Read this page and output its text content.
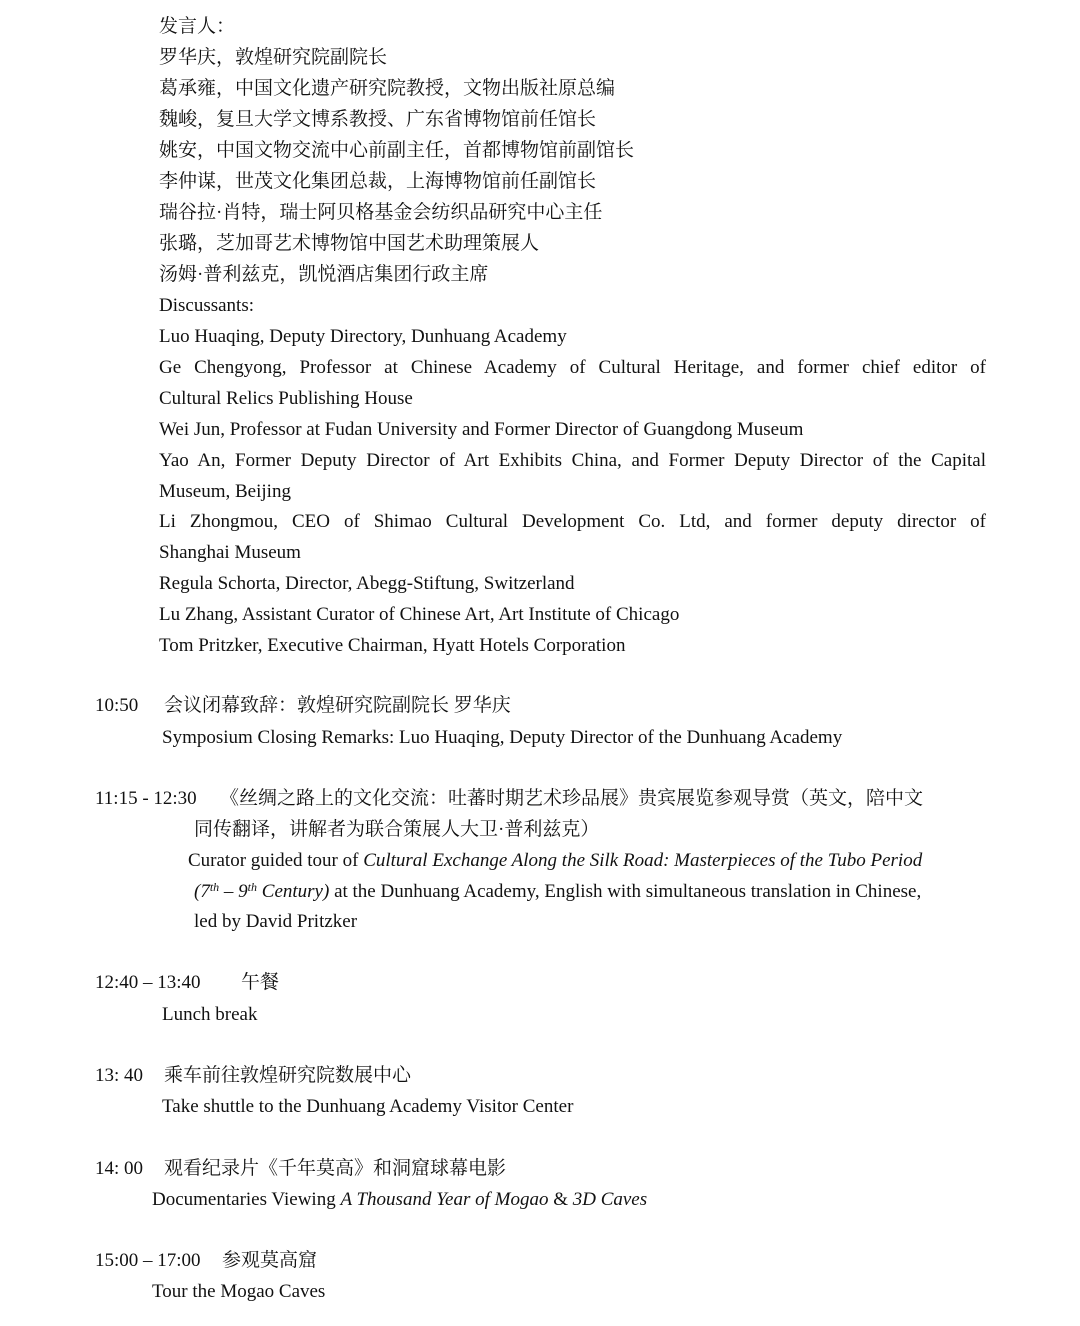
发言人：
罗华庆，敦煌研究院副院长
葛承雍，中国文化遗产研究院教授，文物出版社原总编
魏峻，复旦大学文博系教授、广东省博物馆前任馆长
姚安，中国文物交流中心前副主任，首都博物馆前副馆长
李仲谋，世茂文化集团总裁，上海博物馆前任副馆长
瑞谷拉·肖特，瑞士阿贝格基金会纺织品研究中心主任
张璐，芝加哥艺术博物馆中国艺术助理策展人
汤姆·普利兹克，凯悦酒店集团行政主席
Discussants:
Luo Huaqing, Deputy Directory, Dunhuang Academy
Ge Chengyong, Professor at Chinese Academy of Cultural Heritage, and former chief editor of
Cultural Relics Publishing House
Wei Jun, Professor at Fudan University and Former Director of Guangdong Museum
Yao An, Former Deputy Director of Art Exhibits China, and Former Deputy Director of the Capital
Museum, Beijing
Li Zhongmou, CEO of Shimao Cultural Development Co. Ltd, and former deputy director of
Shanghai Museum
Regula Schorta, Director, Abegg-Stiftung, Switzerland
Lu Zhang, Assistant Curator of Chinese Art, Art Institute of Chicago
Tom Pritzker, Executive Chairman, Hyatt Hotels Corporation
10:50 会议闭幕致辞：敦煌研究院副院长 罗华庆
Symposium Closing Remarks: Luo Huaqing, Deputy Director of the Dunhuang Academy
11:15 - 12:30 《丝绸之路上的文化交流：吐蕃时期艺术珍品展》贵宾展览参观导赏（英文，陪中文
同传翻译，讲解者为联合策展人大卫·普利兹克）
Curator guided tour of Cultural Exchange Along the Silk Road: Masterpieces of the Tubo Period
(7th – 9th Century) at the Dunhuang Academy, English with simultaneous translation in Chinese,
led by David Pritzker
12:40 – 13:40 午餐
Lunch break
13: 40 乘车前往敦煌研究院数展中心
Take shuttle to the Dunhuang Academy Visitor Center
14: 00 观看纪录片《千年莫高》和洞窟球幕电影
Documentaries Viewing A Thousand Year of Mogao & 3D Caves
15:00 – 17:00 参观莫高窟
Tour the Mogao Caves
